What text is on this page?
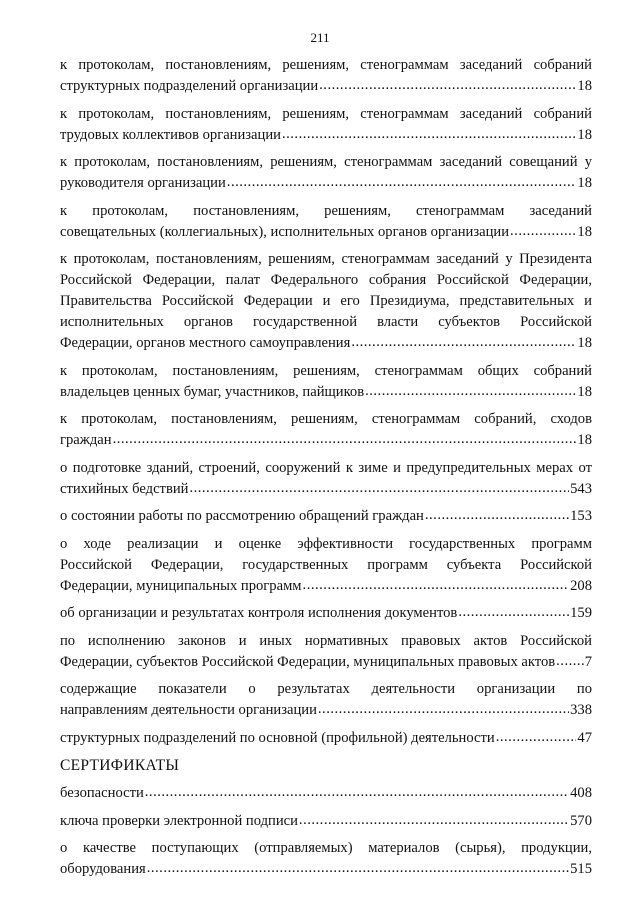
211
к протоколам, постановлениям, решениям, стенограммам заседаний собраний
структурных подразделений организации .....	18
к протоколам, постановлениям, решениям, стенограммам заседаний собраний
трудовых коллективов организации .....	18
к протоколам, постановлениям, решениям, стенограммам заседаний совещаний у
руководителя организации .....	18
к протоколам, постановлениям, решениям, стенограммам заседаний
совещательных (коллегиальных), исполнительных органов организации .....	18
к протоколам, постановлениям, решениям, стенограммам заседаний у Президента
Российской Федерации, палат Федерального собрания Российской Федерации,
Правительства Российской Федерации и его Президиума, представительных и
исполнительных органов государственной власти субъектов Российской
Федерации, органов местного самоуправления .....	18
к протоколам, постановлениям, решениям, стенограммам общих собраний
владельцев ценных бумаг, участников, пайщиков .....	18
к протоколам, постановлениям, решениям, стенограммам собраний, сходов
граждан .....	18
о подготовке зданий, строений, сооружений к зиме и предупредительных мерах от
стихийных бедствий .....	543
о состоянии работы по рассмотрению обращений граждан .....	153
о ходе реализации и оценке эффективности государственных программ
Российской Федерации, государственных программ субъекта Российской
Федерации, муниципальных программ .....	208
об организации и результатах контроля исполнения документов .....	159
по исполнению законов и иных нормативных правовых актов Российской
Федерации, субъектов Российской Федерации, муниципальных правовых актов ..... 7
содержащие показатели о результатах деятельности организации по
направлениям деятельности организации .....	338
структурных подразделений по основной (профильной) деятельности .....	47
СЕРТИФИКАТЫ
безопасности .....	408
ключа проверки электронной подписи .....	570
о качестве поступающих (отправляемых) материалов (сырья), продукции,
оборудования .....	515
